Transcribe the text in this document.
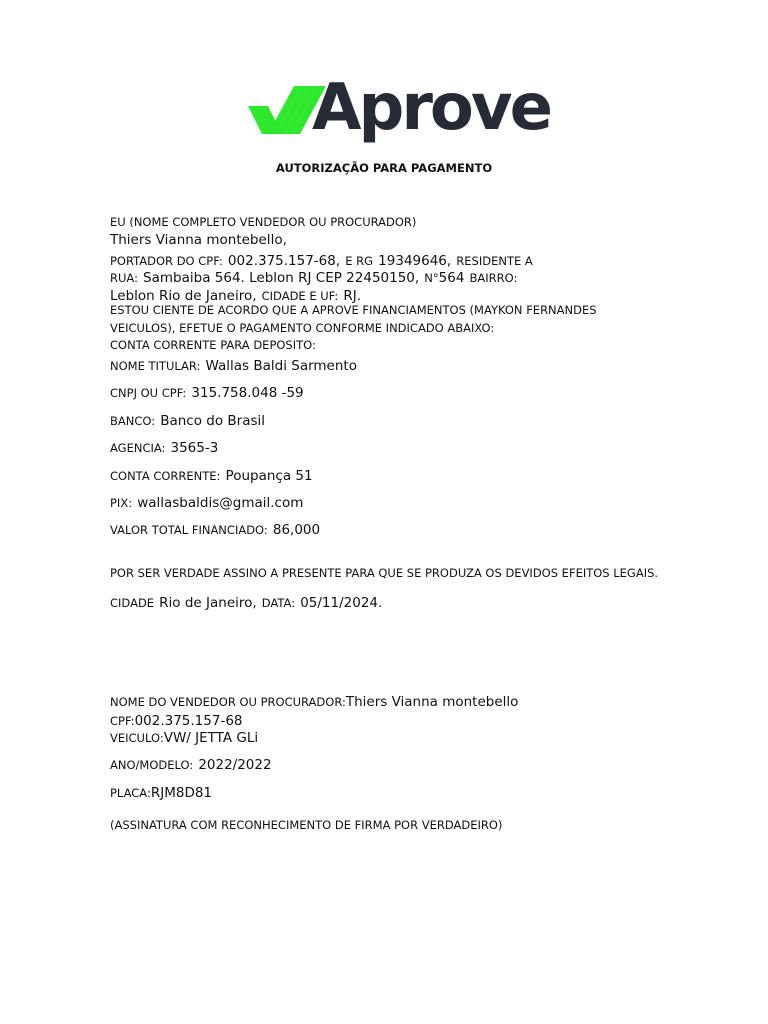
Aprove
AUTORIZAÇÃO PARA PAGAMENTO
EU (NOME COMPLETO VENDEDOR OU PROCURADOR)
Thiers Vianna montebello,
PORTADOR DO CPF: 002.375.157-68, E RG 19349646, RESIDENTE A
RUA: Sambaiba 564. Leblon RJ CEP 22450150, N°564 BAIRRO:
Leblon Rio de Janeiro, CIDADE E UF: RJ.
ESTOU CIENTE DE ACORDO QUE A APROVE FINANCIAMENTOS (MAYKON FERNANDES
VEICULOS), EFETUE O PAGAMENTO CONFORME INDICADO ABAIXO:
CONTA CORRENTE PARA DEPOSITO:
NOME TITULAR: Wallas Baldi Sarmento
CNPJ OU CPF: 315.758.048 -59
BANCO: Banco do Brasil
AGENCIA: 3565-3
CONTA CORRENTE: Poupança 51
PIX: wallasbaldis@gmail.com
VALOR TOTAL FINANCIADO: 86,000
POR SER VERDADE ASSINO A PRESENTE PARA QUE SE PRODUZA OS DEVIDOS EFEITOS LEGAIS.
CIDADE Rio de Janeiro, DATA: 05/11/2024.
NOME DO VENDEDOR OU PROCURADOR:Thiers Vianna montebello
CPF:002.375.157-68
VEICULO:VW/ JETTA GLi
ANO/MODELO: 2022/2022
PLACA:RJM8D81
(ASSINATURA COM RECONHECIMENTO DE FIRMA POR VERDADEIRO)
